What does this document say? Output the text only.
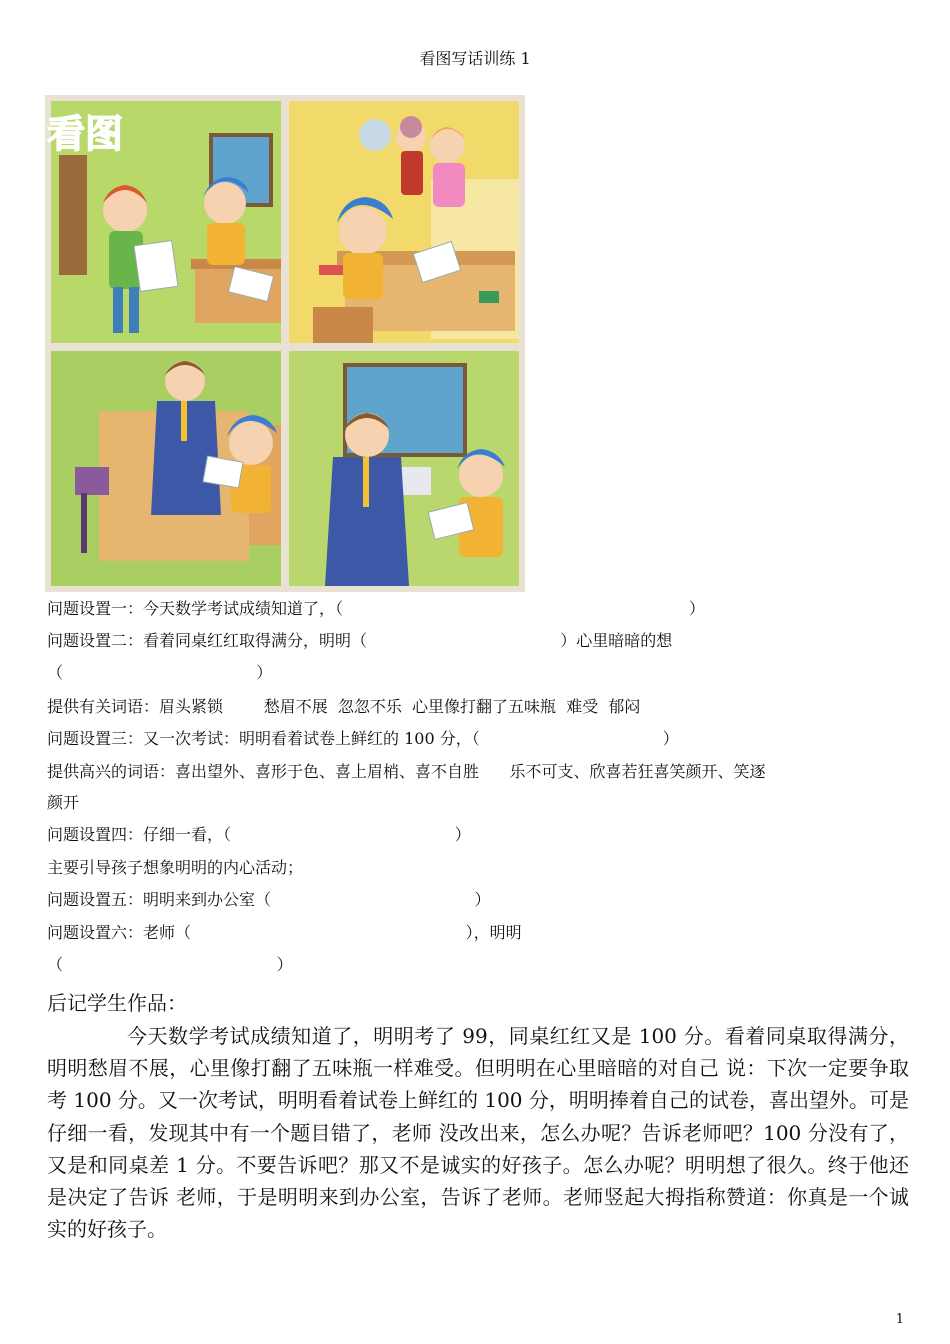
看图写话训练 1
看图
问题设置一：今天数学考试成绩知道了，（                                                                    ）
问题设置二：看着同桌红红取得满分，明明（                                      ）心里暗暗的想
（                                      ）
提供有关词语：眉头紧锁        愁眉不展  忽忽不乐  心里像打翻了五味瓶  难受  郁闷
问题设置三：又一次考试：明明看着试卷上鲜红的 100 分，（                                    ）
提供高兴的词语：喜出望外、喜形于色、喜上眉梢、喜不自胜      乐不可支、欣喜若狂喜笑颜开、笑逐
颜开
问题设置四：仔细一看，（                                            ）
主要引导孩子想象明明的内心活动；
问题设置五：明明来到办公室（                                        ）
问题设置六：老师（                                                      ），明明
（                                          ）
后记学生作品：
今天数学考试成绩知道了，明明考了 99，同桌红红又是 100 分。看着同桌取得满分，明明愁眉不展，心里像打翻了五味瓶一样难受。但明明在心里暗暗的对自己 说：下次一定要争取考 100 分。又一次考试，明明看着试卷上鲜红的 100 分，明明捧着自己的试卷，喜出望外。可是仔细一看，发现其中有一个题目错了，老师 没改出来，怎么办呢？告诉老师吧？100 分没有了，又是和同桌差 1 分。不要告诉吧？那又不是诚实的好孩子。怎么办呢？明明想了很久。终于他还是决定了告诉 老师，于是明明来到办公室，告诉了老师。老师竖起大拇指称赞道：你真是一个诚实的好孩子。
1
